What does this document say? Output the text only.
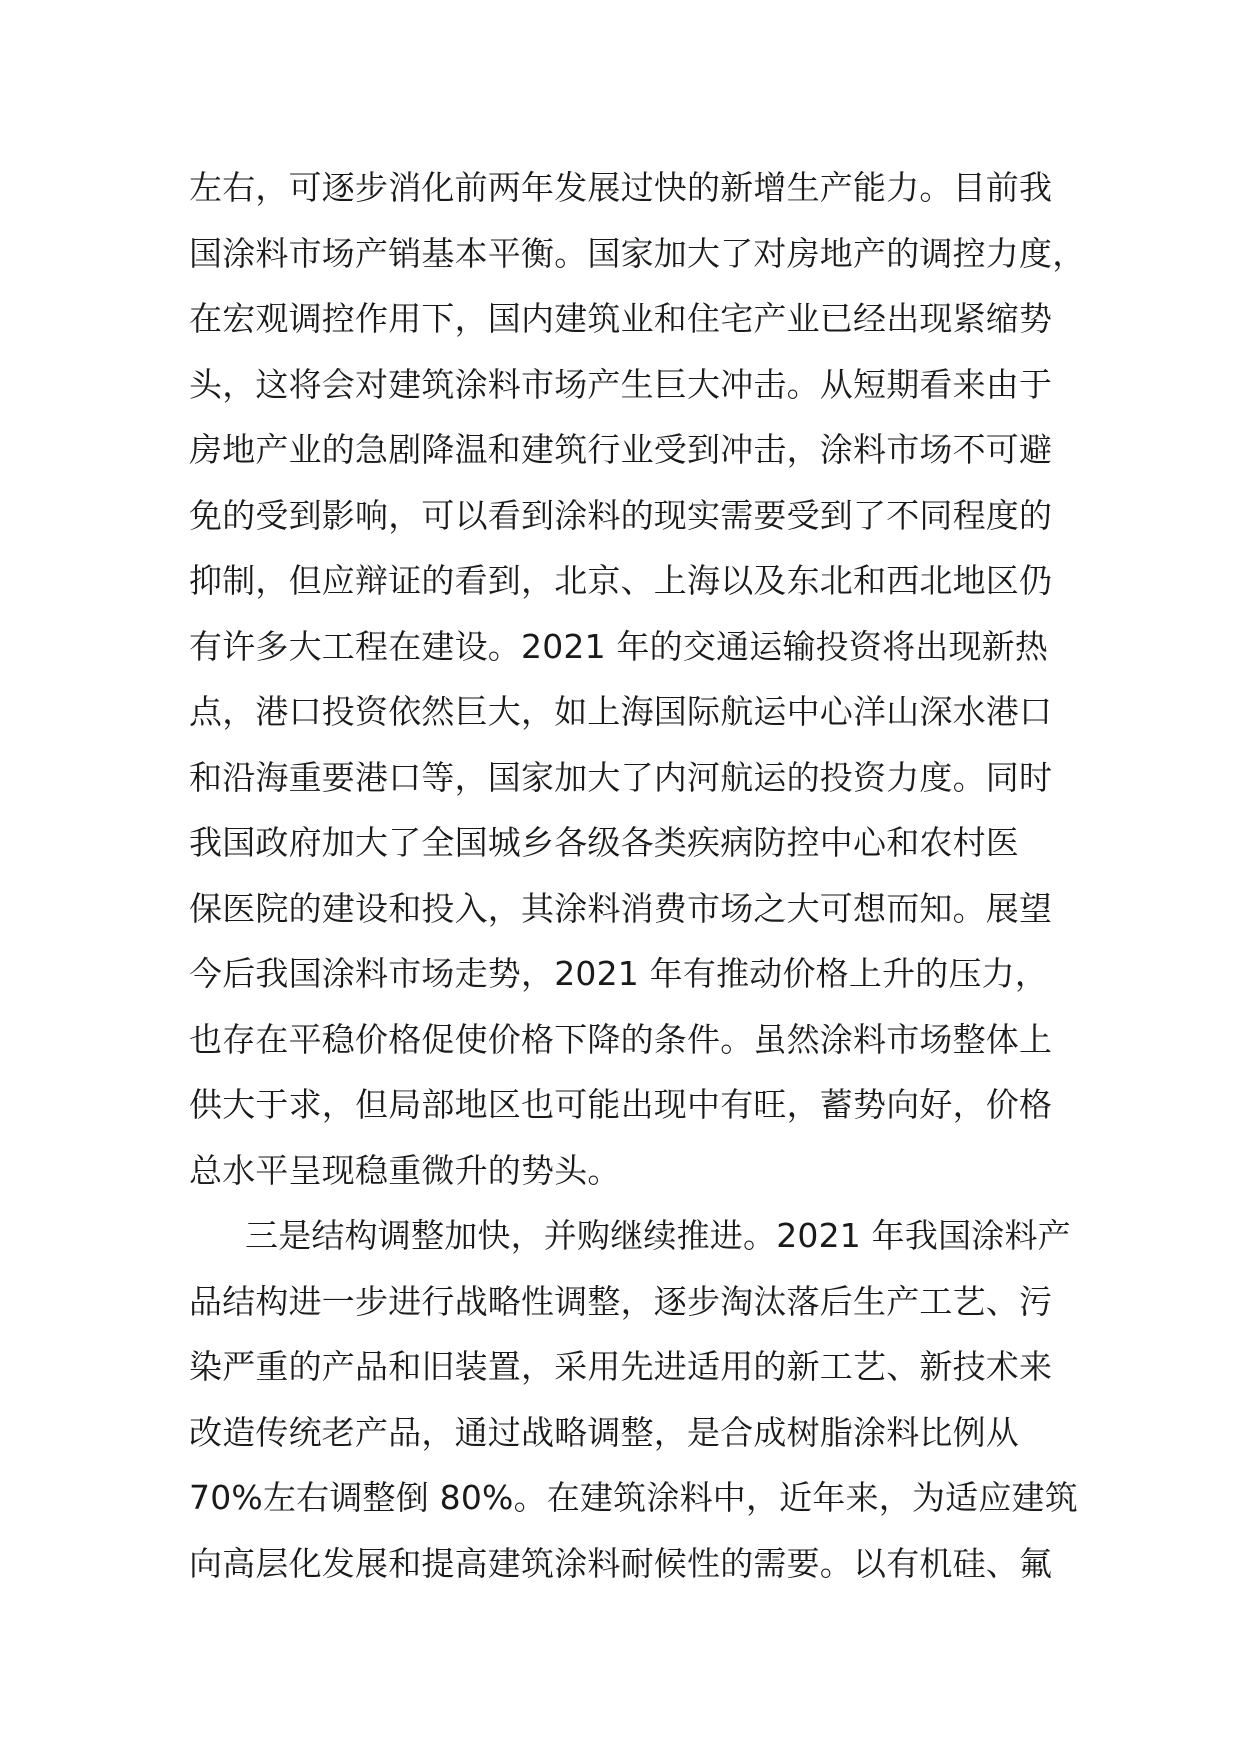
左右，可逐步消化前两年发展过快的新增生产能力。目前我
国涂料市场产销基本平衡。国家加大了对房地产的调控力度，
在宏观调控作用下，国内建筑业和住宅产业已经出现紧缩势
头，这将会对建筑涂料市场产生巨大冲击。从短期看来由于
房地产业的急剧降温和建筑行业受到冲击，涂料市场不可避
免的受到影响，可以看到涂料的现实需要受到了不同程度的
抑制，但应辩证的看到，北京、上海以及东北和西北地区仍
有许多大工程在建设。2021 年的交通运输投资将出现新热
点，港口投资依然巨大，如上海国际航运中心洋山深水港口
和沿海重要港口等，国家加大了内河航运的投资力度。同时
我国政府加大了全国城乡各级各类疾病防控中心和农村医
保医院的建设和投入，其涂料消费市场之大可想而知。展望
今后我国涂料市场走势，2021 年有推动价格上升的压力，
也存在平稳价格促使价格下降的条件。虽然涂料市场整体上
供大于求，但局部地区也可能出现中有旺，蓄势向好，价格
总水平呈现稳重微升的势头。
三是结构调整加快，并购继续推进。2021 年我国涂料产
品结构进一步进行战略性调整，逐步淘汰落后生产工艺、污
染严重的产品和旧装置，采用先进适用的新工艺、新技术来
改造传统老产品，通过战略调整，是合成树脂涂料比例从
70%左右调整倒 80%。在建筑涂料中，近年来，为适应建筑
向高层化发展和提高建筑涂料耐候性的需要。以有机硅、氟
